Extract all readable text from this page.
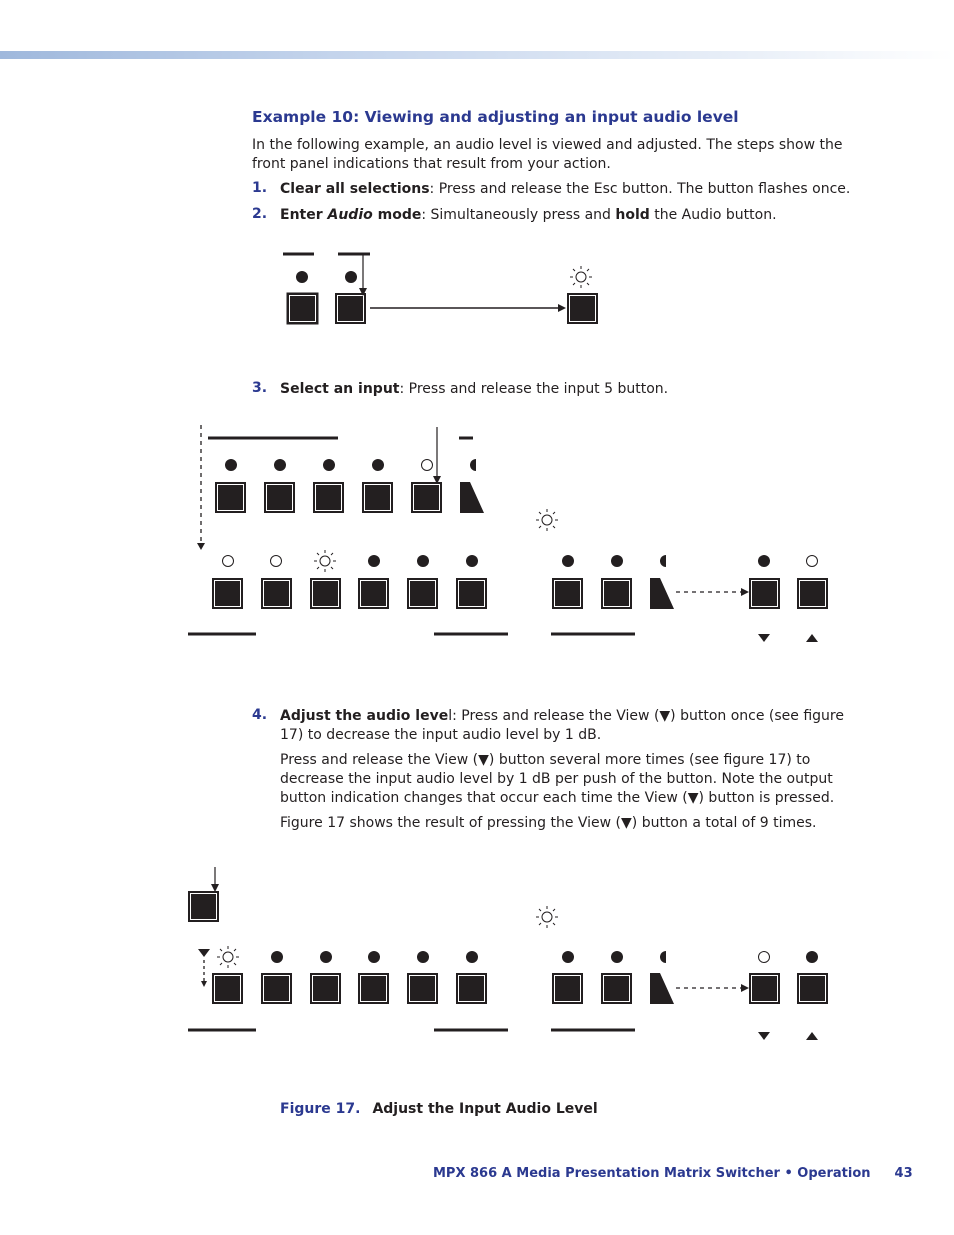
Example 10: Viewing and adjusting an input audio level
In the following example, an audio level is viewed and adjusted. The steps show the front panel indications that result from your action.
1. Clear all selections: Press and release the Esc button. The button flashes once.
2. Enter Audio mode: Simultaneously press and hold the Audio button.
3. Select an input: Press and release the input 5 button.
4. Adjust the audio level: Press and release the View (▼) button once (see figure 17) to decrease the input audio level by 1 dB.
Press and release the View (▼) button several more times (see figure 17) to decrease the input audio level by 1 dB per push of the button. Note the output button indication changes that occur each time the View (▼) button is pressed.
Figure 17 shows the result of pressing the View (▼) button a total of 9 times.
Figure 17. Adjust the Input Audio Level
MPX 866 A Media Presentation Matrix Switcher • Operation 43
